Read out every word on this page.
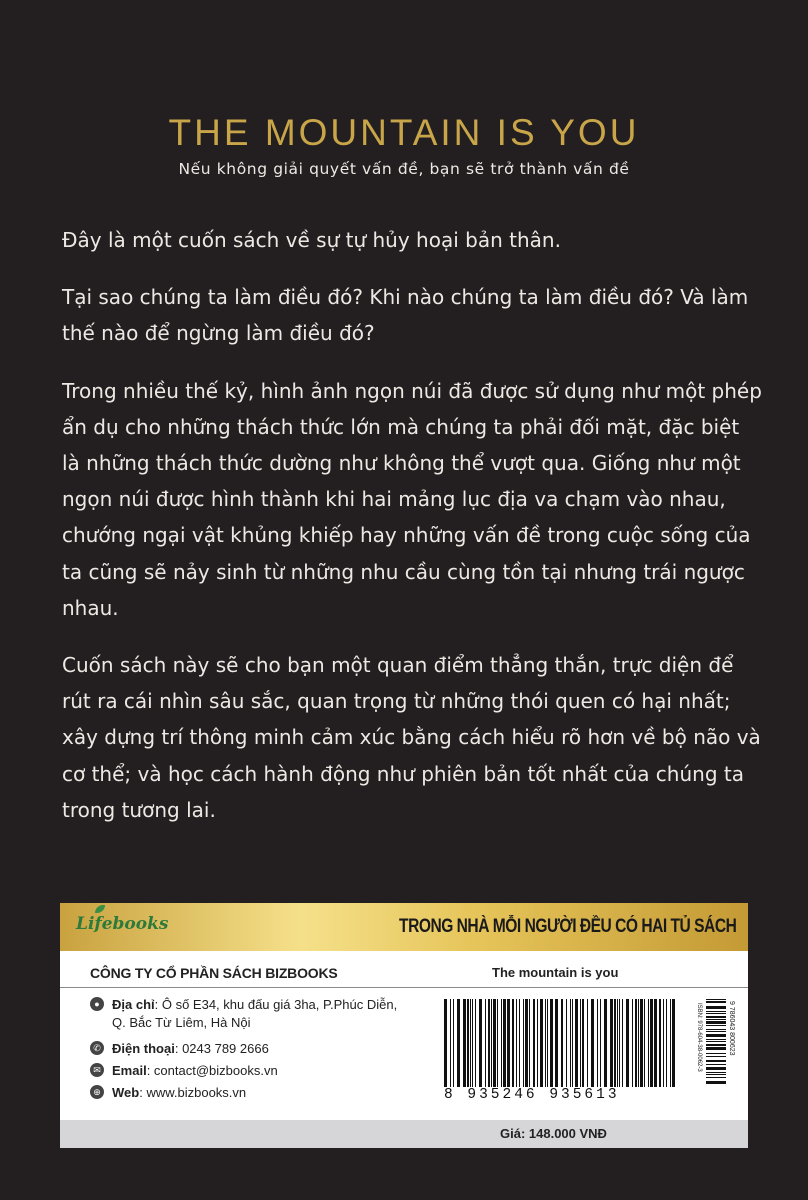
THE MOUNTAIN IS YOU
Nếu không giải quyết vấn đề, bạn sẽ trở thành vấn đề

Đây là một cuốn sách về sự tự hủy hoại bản thân.

Tại sao chúng ta làm điều đó? Khi nào chúng ta làm điều đó? Và làm thế nào để ngừng làm điều đó?

Trong nhiều thế kỷ, hình ảnh ngọn núi đã được sử dụng như một phép ẩn dụ cho những thách thức lớn mà chúng ta phải đối mặt, đặc biệt là những thách thức dường như không thể vượt qua. Giống như một ngọn núi được hình thành khi hai mảng lục địa va chạm vào nhau, chướng ngại vật khủng khiếp hay những vấn đề trong cuộc sống của ta cũng sẽ nảy sinh từ những nhu cầu cùng tồn tại nhưng trái ngược nhau.

Cuốn sách này sẽ cho bạn một quan điểm thẳng thắn, trực diện để rút ra cái nhìn sâu sắc, quan trọng từ những thói quen có hại nhất; xây dựng trí thông minh cảm xúc bằng cách hiểu rõ hơn về bộ não và cơ thể; và học cách hành động như phiên bản tốt nhất của chúng ta trong tương lai.

Lifebooks	TRONG NHÀ MỖI NGƯỜI ĐỀU CÓ HAI TỦ SÁCH
CÔNG TY CỔ PHẦN SÁCH BIZBOOKS	The mountain is you
● Địa chỉ: Ô số E34, khu đấu giá 3ha, P.Phúc Diễn,
Q. Bắc Từ Liêm, Hà Nội
✆ Điện thoại: 0243 789 2666
✉ Email: contact@bizbooks.vn
⊕ Web: www.bizbooks.vn	8 935246 935613
ISBN: 978-604-38-0062-3	9 786043 800623
Giá: 148.000 VNĐ
